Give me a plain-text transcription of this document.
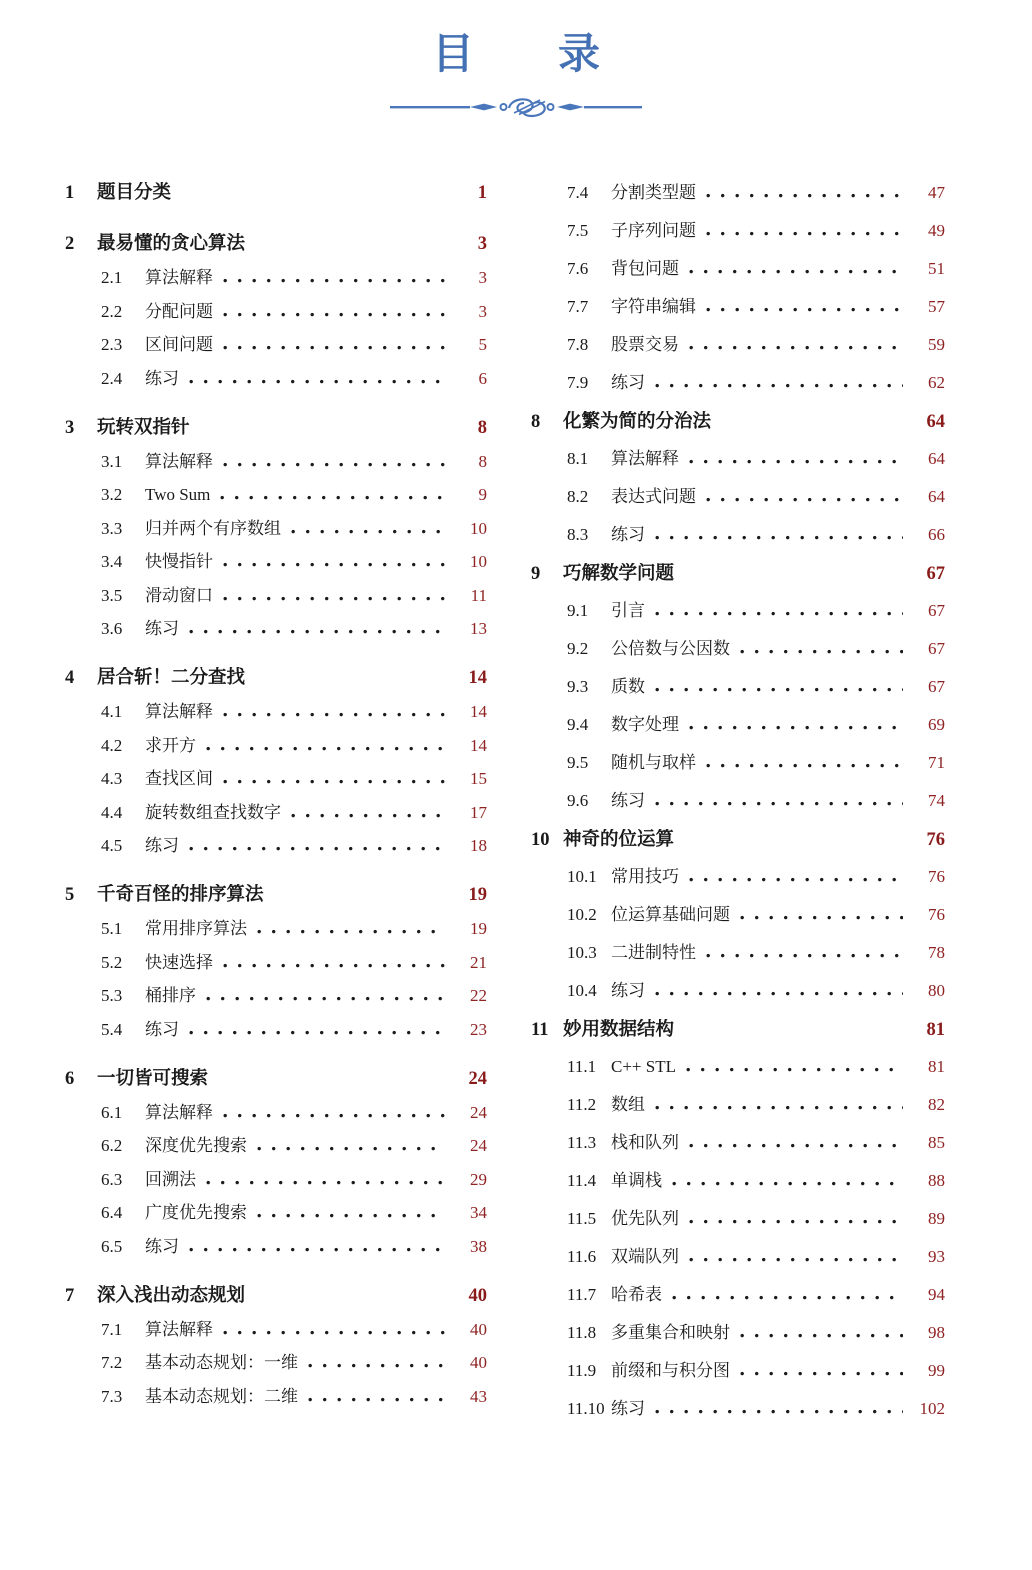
目　　录
1	题目分类	1
2	最易懂的贪心算法	3
2.1	算法解释	3
2.2	分配问题	3
2.3	区间问题	5
2.4	练习	6
3	玩转双指针	8
3.1	算法解释	8
3.2	Two Sum	9
3.3	归并两个有序数组	10
3.4	快慢指针	10
3.5	滑动窗口	11
3.6	练习	13
4	居合斩！二分查找	14
4.1	算法解释	14
4.2	求开方	14
4.3	查找区间	15
4.4	旋转数组查找数字	17
4.5	练习	18
5	千奇百怪的排序算法	19
5.1	常用排序算法	19
5.2	快速选择	21
5.3	桶排序	22
5.4	练习	23
6	一切皆可搜索	24
6.1	算法解释	24
6.2	深度优先搜索	24
6.3	回溯法	29
6.4	广度优先搜索	34
6.5	练习	38
7	深入浅出动态规划	40
7.1	算法解释	40
7.2	基本动态规划：一维	40
7.3	基本动态规划：二维	43
7.4	分割类型题	47
7.5	子序列问题	49
7.6	背包问题	51
7.7	字符串编辑	57
7.8	股票交易	59
7.9	练习	62
8	化繁为简的分治法	64
8.1	算法解释	64
8.2	表达式问题	64
8.3	练习	66
9	巧解数学问题	67
9.1	引言	67
9.2	公倍数与公因数	67
9.3	质数	67
9.4	数字处理	69
9.5	随机与取样	71
9.6	练习	74
10 神奇的位运算	76
10.1 常用技巧	76
10.2 位运算基础问题	76
10.3 二进制特性	78
10.4 练习	80
11 妙用数据结构	81
11.1 C++ STL	81
11.2 数组	82
11.3 栈和队列	85
11.4 单调栈	88
11.5 优先队列	89
11.6 双端队列	93
11.7 哈希表	94
11.8 多重集合和映射	98
11.9 前缀和与积分图	99
11.10 练习	102
